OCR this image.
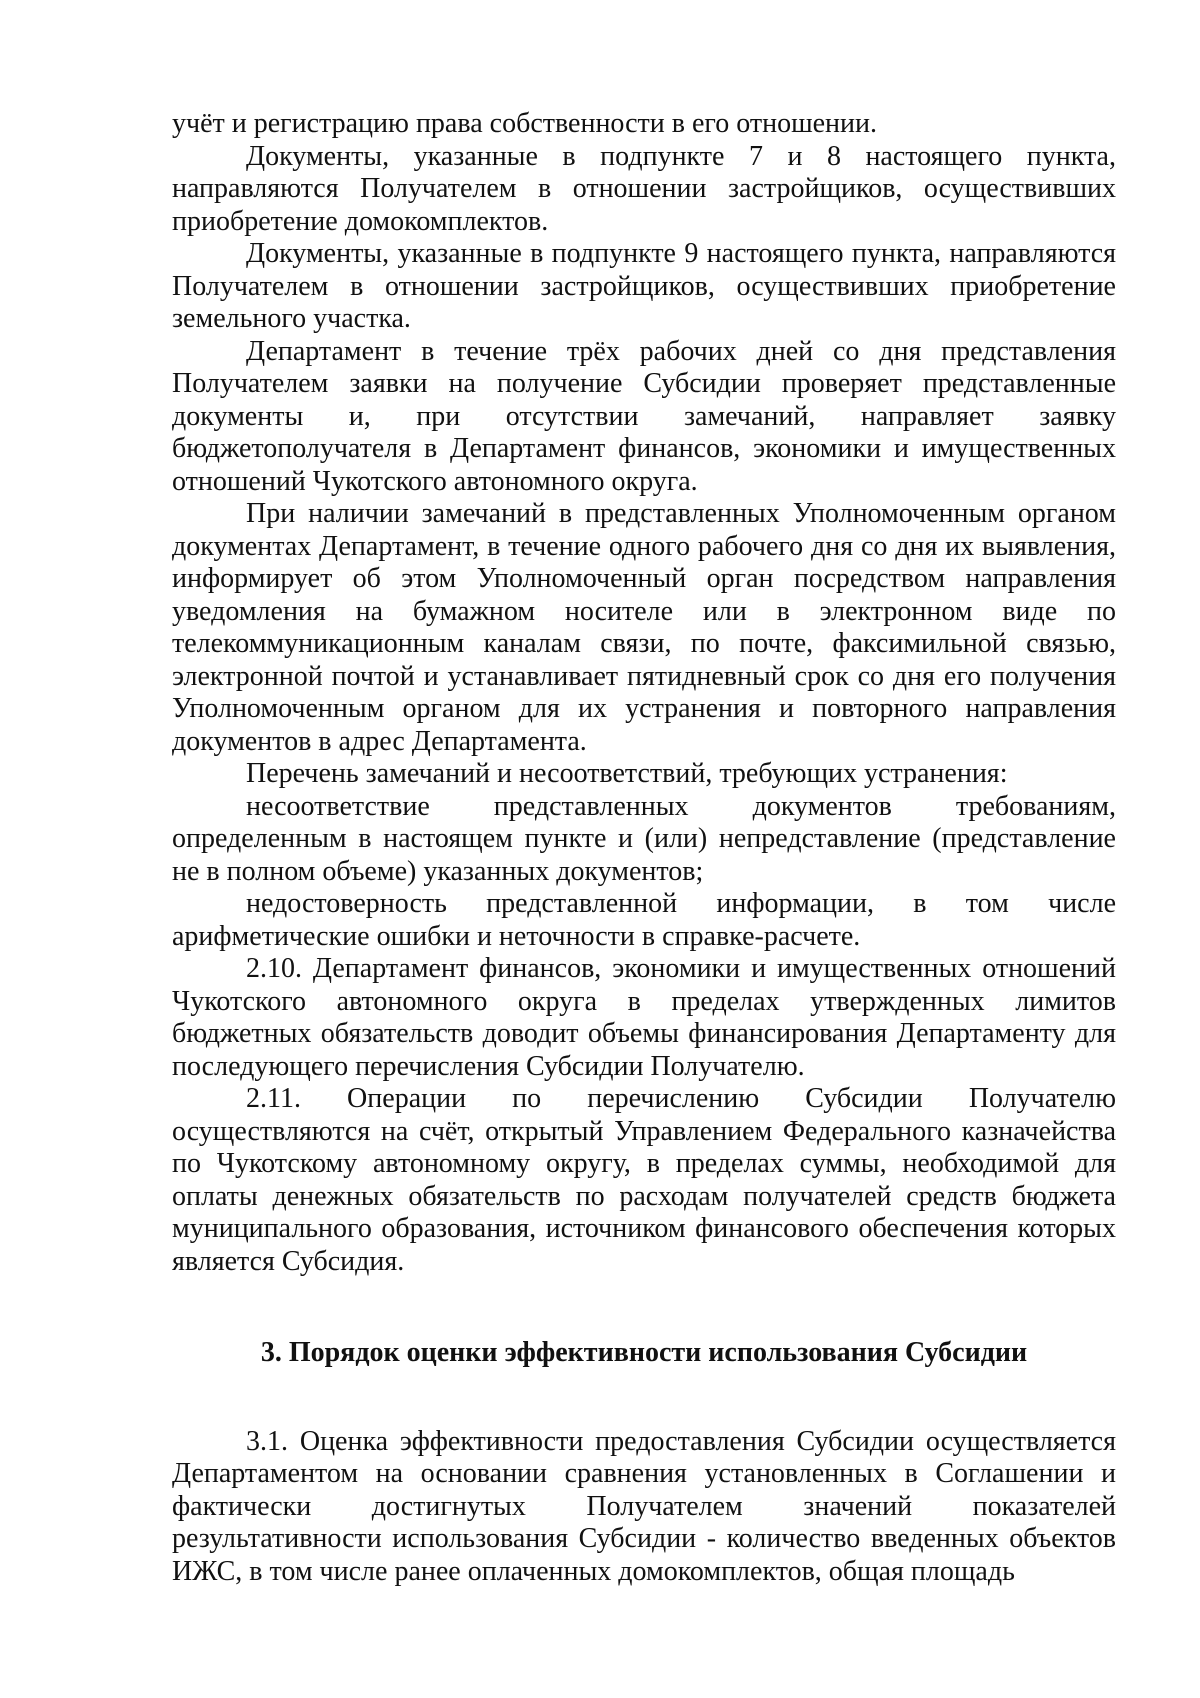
учёт и регистрацию права собственности в его отношении.

Документы, указанные в подпункте 7 и 8 настоящего пункта, направляются Получателем в отношении застройщиков, осуществивших приобретение домокомплектов.

Документы, указанные в подпункте 9 настоящего пункта, направляются Получателем в отношении застройщиков, осуществивших приобретение земельного участка.

Департамент в течение трёх рабочих дней со дня представления Получателем заявки на получение Субсидии проверяет представленные документы и, при отсутствии замечаний, направляет заявку бюджетополучателя в Департамент финансов, экономики и имущественных отношений Чукотского автономного округа.

При наличии замечаний в представленных Уполномоченным органом документах Департамент, в течение одного рабочего дня со дня их выявления, информирует об этом Уполномоченный орган посредством направления уведомления на бумажном носителе или в электронном виде по телекоммуникационным каналам связи, по почте, факсимильной связью, электронной почтой и устанавливает пятидневный срок со дня его получения Уполномоченным органом для их устранения и повторного направления документов в адрес Департамента.

Перечень замечаний и несоответствий, требующих устранения:

несоответствие представленных документов требованиям, определенным в настоящем пункте и (или) непредставление (представление не в полном объеме) указанных документов;

недостоверность представленной информации, в том числе арифметические ошибки и неточности в справке-расчете.

2.10. Департамент финансов, экономики и имущественных отношений Чукотского автономного округа в пределах утвержденных лимитов бюджетных обязательств доводит объемы финансирования Департаменту для последующего перечисления Субсидии Получателю.

2.11. Операции по перечислению Субсидии Получателю осуществляются на счёт, открытый Управлением Федерального казначейства по Чукотскому автономному округу, в пределах суммы, необходимой для оплаты денежных обязательств по расходам получателей средств бюджета муниципального образования, источником финансового обеспечения которых является Субсидия.

3. Порядок оценки эффективности использования Субсидии

3.1. Оценка эффективности предоставления Субсидии осуществляется Департаментом на основании сравнения установленных в Соглашении и фактически достигнутых Получателем значений показателей результативности использования Субсидии - количество введенных объектов ИЖС, в том числе ранее оплаченных домокомплектов, общая площадь
